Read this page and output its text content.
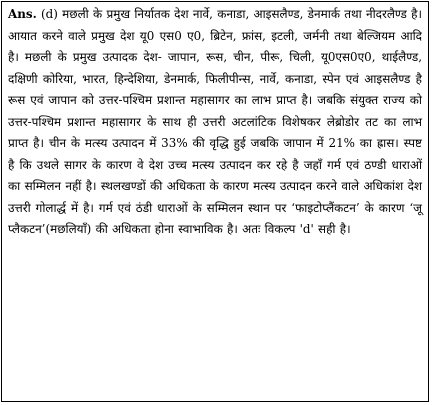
Ans. (d) मछली के प्रमुख निर्यातक देश नार्वे, कनाडा, आइसलैण्ड, डेनमार्क तथा नीदरलैण्ड है। आयात करने वाले प्रमुख देश यू0 एस0 ए0, ब्रिटेन, फ्रांस, इटली, जर्मनी तथा बेल्जियम आदि है। मछली के प्रमुख उत्पादक देश- जापान, रूस, चीन, पीरू, चिली, यू0एस0ए0, थाईलैण्ड, दक्षिणी कोरिया, भारत, हिन्देशिया, डेनमार्क, फिलीपीन्स, नार्वे, कनाडा, स्पेन एवं आइसलैण्ड है रूस एवं जापान को उत्तर-पश्चिम प्रशान्त महासागर का लाभ प्राप्त है। जबकि संयुक्त राज्य को उत्तर-पश्चिम प्रशान्त महासागर के साथ ही उत्तरी अटलांटिक विशेषकर लेब्रोडोर तट का लाभ प्राप्त है। चीन के मत्स्य उत्पादन में 33% की वृद्धि हुई जबकि जापान में 21% का ह्रास। स्पष्ट है कि उथले सागर के कारण वे देश उच्च मत्स्य उत्पादन कर रहे है जहाँ गर्म एवं ठण्डी धाराओं का सम्मिलन नहीं है। स्थलखण्डों की अधिकता के कारण मत्स्य उत्पादन करने वाले अधिकांश देश उत्तरी गोलार्द्ध में है। गर्म एवं ठंडी धाराओं के सम्मिलन स्थान पर ‘फाइटोप्लैंकटन’ के कारण ‘जू प्लैकटन’(मछलियाँ) की अधिकता होना स्वाभाविक है। अतः विकल्प 'd' सही है।
